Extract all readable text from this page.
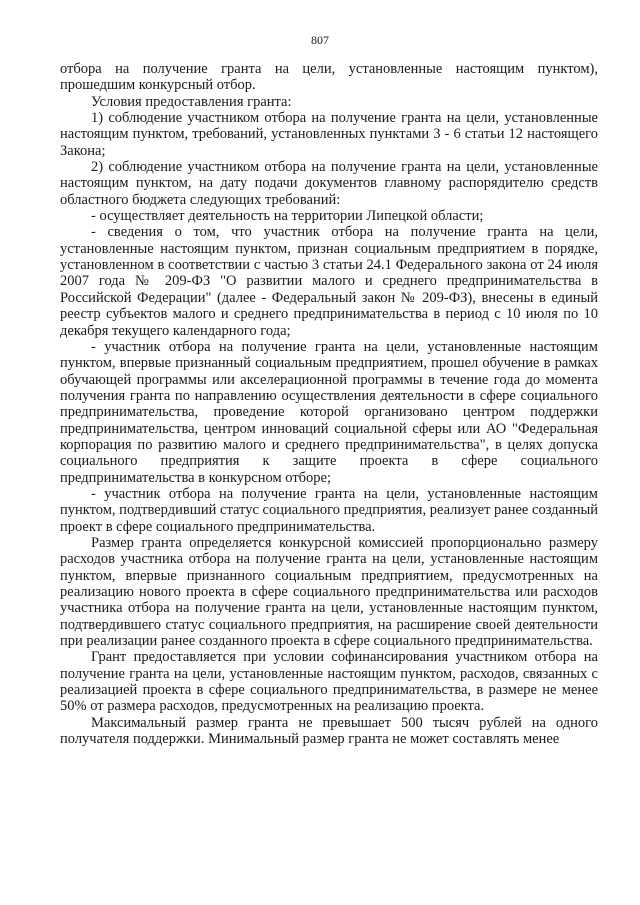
807

отбора на получение гранта на цели, установленные настоящим пунктом), прошедшим конкурсный отбор.

Условия предоставления гранта:

1) соблюдение участником отбора на получение гранта на цели, установленные настоящим пунктом, требований, установленных пунктами 3 - 6 статьи 12 настоящего Закона;

2) соблюдение участником отбора на получение гранта на цели, установленные настоящим пунктом, на дату подачи документов главному распорядителю средств областного бюджета следующих требований:

- осуществляет деятельность на территории Липецкой области;

- сведения о том, что участник отбора на получение гранта на цели, установленные настоящим пунктом, признан социальным предприятием в порядке, установленном в соответствии с частью 3 статьи 24.1 Федерального закона от 24 июля 2007 года № 209-ФЗ "О развитии малого и среднего предпринимательства в Российской Федерации" (далее - Федеральный закон № 209-ФЗ), внесены в единый реестр субъектов малого и среднего предпринимательства в период с 10 июля по 10 декабря текущего календарного года;

- участник отбора на получение гранта на цели, установленные настоящим пунктом, впервые признанный социальным предприятием, прошел обучение в рамках обучающей программы или акселерационной программы в течение года до момента получения гранта по направлению осуществления деятельности в сфере социального предпринимательства, проведение которой организовано центром поддержки предпринимательства, центром инноваций социальной сферы или АО "Федеральная корпорация по развитию малого и среднего предпринимательства", в целях допуска социального предприятия к защите проекта в сфере социального предпринимательства в конкурсном отборе;

- участник отбора на получение гранта на цели, установленные настоящим пунктом, подтвердивший статус социального предприятия, реализует ранее созданный проект в сфере социального предпринимательства.

Размер гранта определяется конкурсной комиссией пропорционально размеру расходов участника отбора на получение гранта на цели, установленные настоящим пунктом, впервые признанного социальным предприятием, предусмотренных на реализацию нового проекта в сфере социального предпринимательства или расходов участника отбора на получение гранта на цели, установленные настоящим пунктом, подтвердившего статус социального предприятия, на расширение своей деятельности при реализации ранее созданного проекта в сфере социального предпринимательства.

Грант предоставляется при условии софинансирования участником отбора на получение гранта на цели, установленные настоящим пунктом, расходов, связанных с реализацией проекта в сфере социального предпринимательства, в размере не менее 50% от размера расходов, предусмотренных на реализацию проекта.

Максимальный размер гранта не превышает 500 тысяч рублей на одного получателя поддержки. Минимальный размер гранта не может составлять менее
